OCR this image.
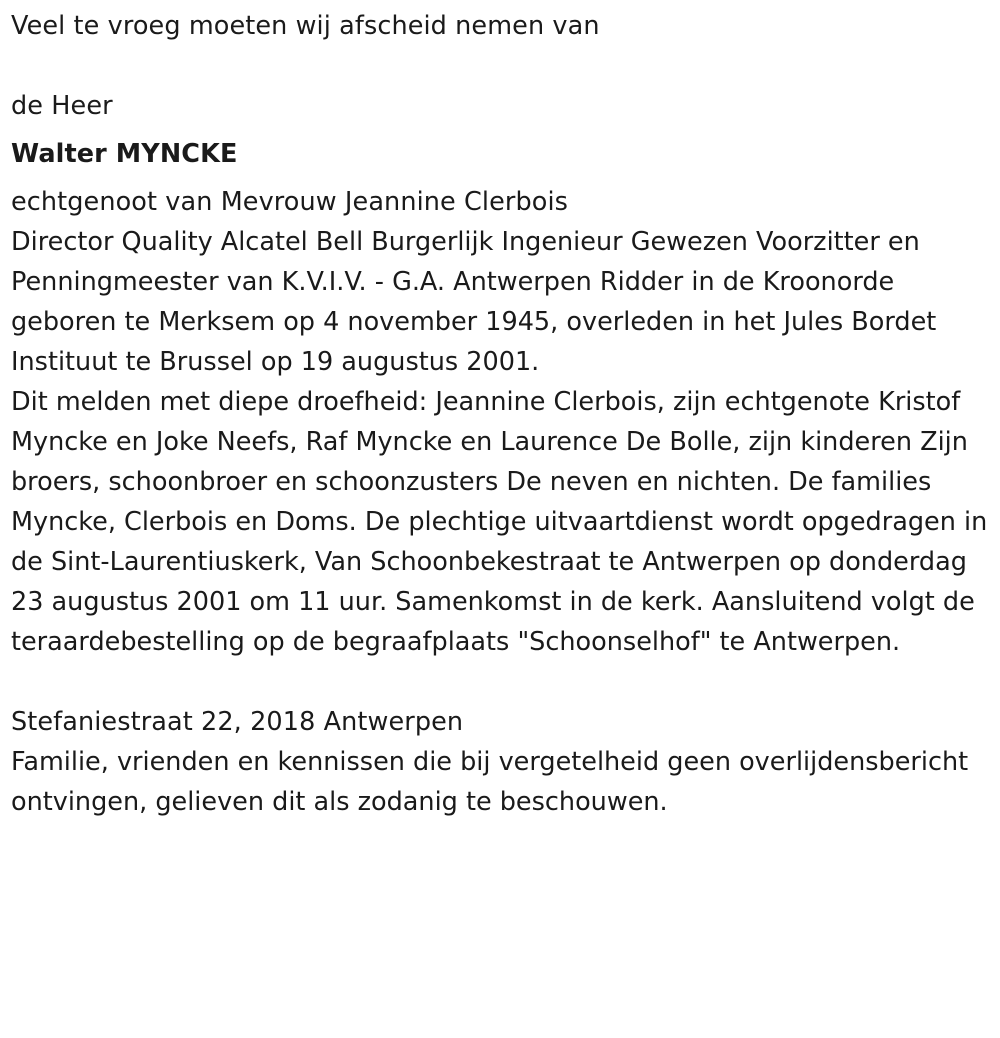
Veel te vroeg moeten wij afscheid nemen van
de Heer
Walter MYNCKE
echtgenoot van Mevrouw Jeannine Clerbois

Director Quality Alcatel Bell Burgerlijk Ingenieur Gewezen Voorzitter en Penningmeester van K.V.I.V. - G.A. Antwerpen Ridder in de Kroonorde

geboren te Merksem op 4 november 1945, overleden in het Jules Bordet Instituut te Brussel op 19 augustus 2001.

Dit melden met diepe droefheid: Jeannine Clerbois, zijn echtgenote Kristof Myncke en Joke Neefs, Raf Myncke en Laurence De Bolle, zijn kinderen Zijn broers, schoonbroer en schoonzusters De neven en nichten. De families Myncke, Clerbois en Doms. De plechtige uitvaartdienst wordt opgedragen in de Sint-Laurentiuskerk, Van Schoonbekestraat te Antwerpen op donderdag 23 augustus 2001 om 11 uur. Samenkomst in de kerk. Aansluitend volgt de teraardebestelling op de begraafplaats "Schoonselhof" te Antwerpen.

Stefaniestraat 22, 2018 Antwerpen

Familie, vrienden en kennissen die bij vergetelheid geen overlijdensbericht ontvingen, gelieven dit als zodanig te beschouwen.
